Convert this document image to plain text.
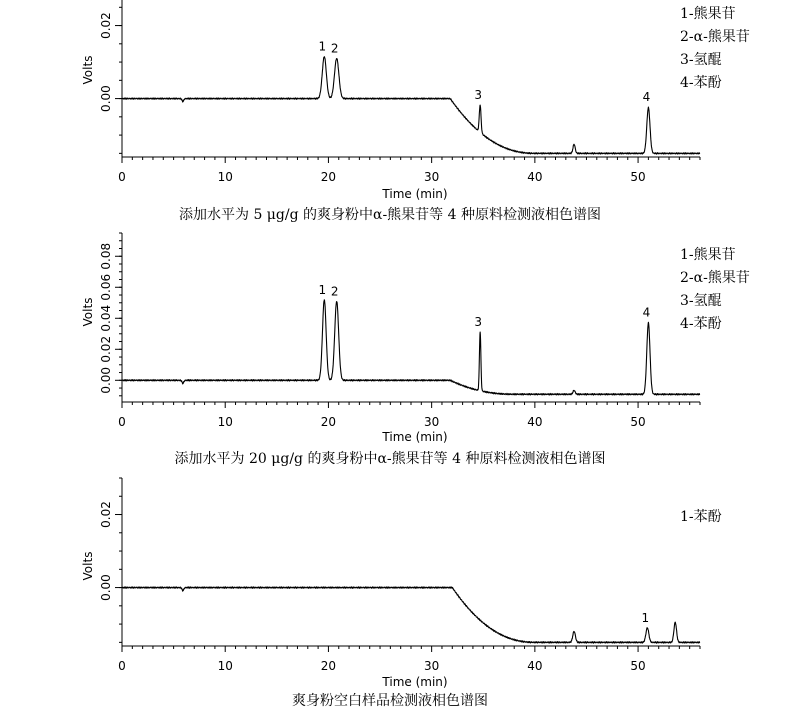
0	10	20	30	40	50
0.00
0.02
Volts
Time (min)
1 2
3	4
1-熊果苷
2-α-熊果苷
3-氢醌
4-苯酚
添加水平为 5 μg/g 的爽身粉中α-熊果苷等 4 种原料检测液相色谱图
0	10	20	30	40	50
0.00
0.02
0.04
0.06
0.08
Volts
Time (min)
1 2
3
4
1-熊果苷
2-α-熊果苷
3-氢醌
4-苯酚
添加水平为 20 μg/g 的爽身粉中α-熊果苷等 4 种原料检测液相色谱图
0	10	20	30	40	50
0.00
0.02
Volts
Time (min)
1
1-苯酚
爽身粉空白样品检测液相色谱图
